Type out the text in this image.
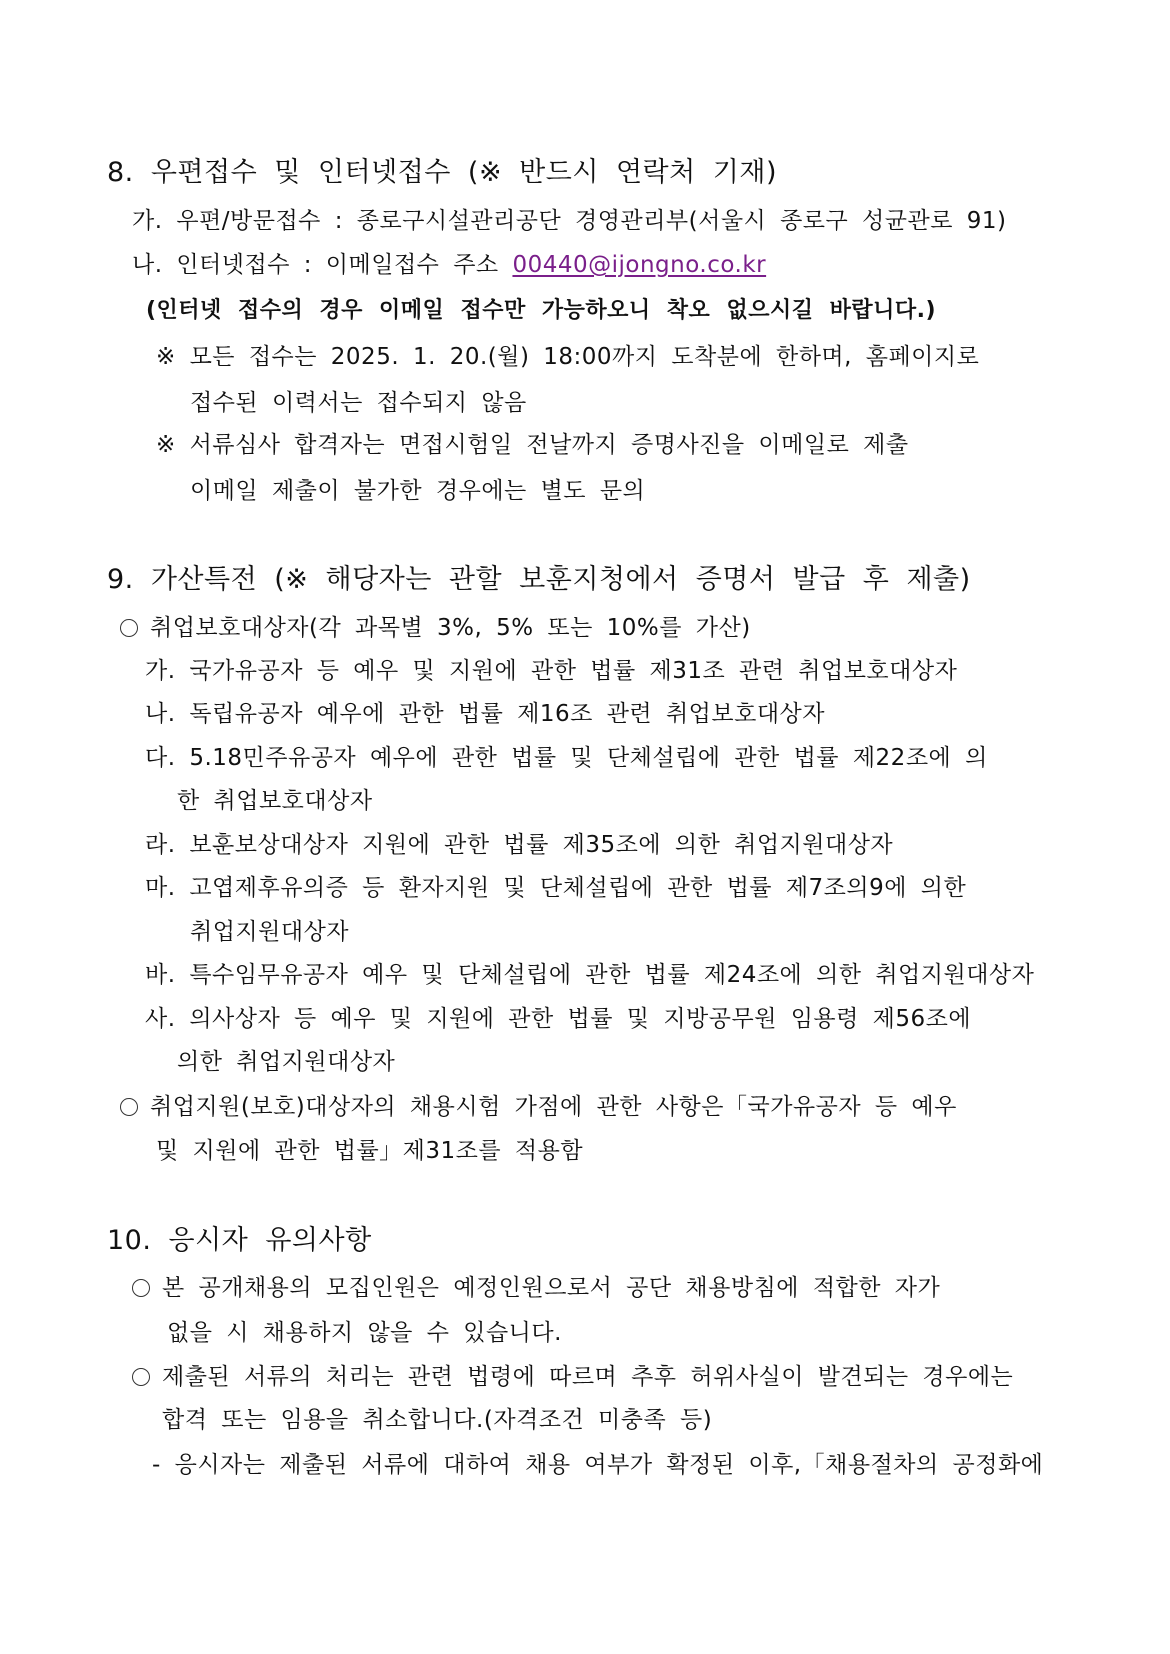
8. 우편접수 및 인터넷접수 (※ 반드시 연락처 기재)
가. 우편/방문접수 : 종로구시설관리공단 경영관리부(서울시 종로구 성균관로 91)
나. 인터넷접수 : 이메일접수 주소 00440@ijongno.co.kr
(인터넷 접수의 경우 이메일 접수만 가능하오니 착오 없으시길 바랍니다.)
※ 모든 접수는 2025. 1. 20.(월) 18:00까지 도착분에 한하며, 홈페이지로
접수된 이력서는 접수되지 않음
※ 서류심사 합격자는 면접시험일 전날까지 증명사진을 이메일로 제출
이메일 제출이 불가한 경우에는 별도 문의
9. 가산특전 (※ 해당자는 관할 보훈지청에서 증명서 발급 후 제출)
취업보호대상자(각 과목별 3%, 5% 또는 10%를 가산)
가. 국가유공자 등 예우 및 지원에 관한 법률 제31조 관련 취업보호대상자
나. 독립유공자 예우에 관한 법률 제16조 관련 취업보호대상자
다. 5.18민주유공자 예우에 관한 법률 및 단체설립에 관한 법률 제22조에 의
한 취업보호대상자
라. 보훈보상대상자 지원에 관한 법률 제35조에 의한 취업지원대상자
마. 고엽제후유의증 등 환자지원 및 단체설립에 관한 법률 제7조의9에 의한
취업지원대상자
바. 특수임무유공자 예우 및 단체설립에 관한 법률 제24조에 의한 취업지원대상자
사. 의사상자 등 예우 및 지원에 관한 법률 및 지방공무원 임용령 제56조에
의한 취업지원대상자
취업지원(보호)대상자의 채용시험 가점에 관한 사항은「국가유공자 등 예우
및 지원에 관한 법률」제31조를 적용함
10. 응시자 유의사항
본 공개채용의 모집인원은 예정인원으로서 공단 채용방침에 적합한 자가
없을 시 채용하지 않을 수 있습니다.
제출된 서류의 처리는 관련 법령에 따르며 추후 허위사실이 발견되는 경우에는
합격 또는 임용을 취소합니다.(자격조건 미충족 등)
- 응시자는 제출된 서류에 대하여 채용 여부가 확정된 이후,「채용절차의 공정화에
